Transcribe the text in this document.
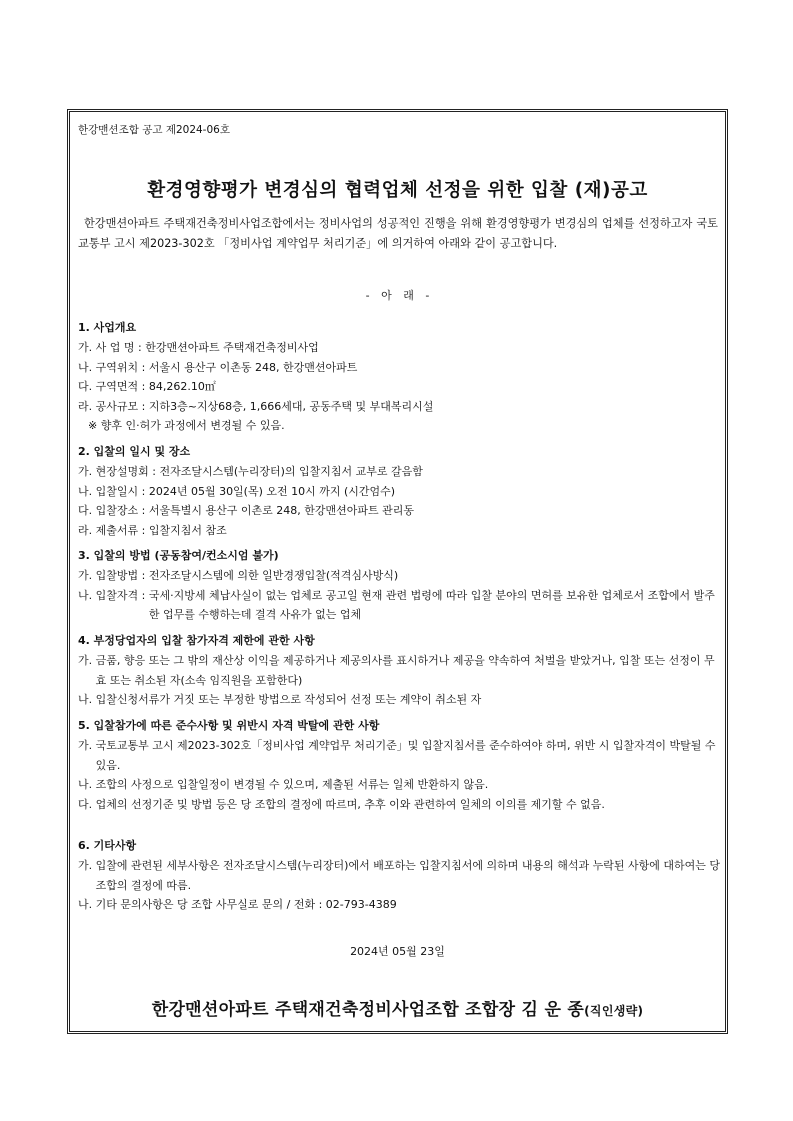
한강맨션조합 공고 제2024-06호
환경영향평가 변경심의 협력업체 선정을 위한 입찰 (재)공고
한강맨션아파트 주택재건축정비사업조합에서는 정비사업의 성공적인 진행을 위해 환경영향평가 변경심의 업체를 선정하고자 국토교통부 고시 제2023-302호 「정비사업 계약업무 처리기준」에 의거하여 아래와 같이 공고합니다.
- 아 래 -
1. 사업개요
가. 사 업 명 : 한강맨션아파트 주택재건축정비사업
나. 구역위치 : 서울시 용산구 이촌동 248, 한강맨션아파트
다. 구역면적 : 84,262.10㎡
라. 공사규모 : 지하3층~지상68층, 1,666세대, 공동주택 및 부대복리시설
※ 향후 인·허가 과정에서 변경될 수 있음.
2. 입찰의 일시 및 장소
가. 현장설명회 : 전자조달시스템(누리장터)의 입찰지침서 교부로 갈음함
나. 입찰일시 : 2024년 05월 30일(목) 오전 10시 까지 (시간엄수)
다. 입찰장소 : 서울특별시 용산구 이촌로 248, 한강맨션아파트 관리동
라. 제출서류 : 입찰지침서 참조
3. 입찰의 방법 (공동참여/컨소시엄 불가)
가. 입찰방법 : 전자조달시스템에 의한 일반경쟁입찰(적격심사방식)
나. 입찰자격 : 국세·지방세 체납사실이 없는 업체로 공고일 현재 관련 법령에 따라 입찰 분야의 면허를 보유한 업체로서 조합에서 발주한 업무를 수행하는데 결격 사유가 없는 업체
4. 부정당업자의 입찰 참가자격 제한에 관한 사항
가. 금품, 향응 또는 그 밖의 재산상 이익을 제공하거나 제공의사를 표시하거나 제공을 약속하여 처벌을 받았거나, 입찰 또는 선정이 무효 또는 취소된 자(소속 임직원을 포함한다)
나. 입찰신청서류가 거짓 또는 부정한 방법으로 작성되어 선정 또는 계약이 취소된 자
5. 입찰참가에 따른 준수사항 및 위반시 자격 박탈에 관한 사항
가. 국토교통부 고시 제2023-302호「정비사업 계약업무 처리기준」및 입찰지침서를 준수하여야 하며, 위반 시 입찰자격이 박탈될 수 있음.
나. 조합의 사정으로 입찰일정이 변경될 수 있으며, 제출된 서류는 일체 반환하지 않음.
다. 업체의 선정기준 및 방법 등은 당 조합의 결정에 따르며, 추후 이와 관련하여 일체의 이의를 제기할 수 없음.
6. 기타사항
가. 입찰에 관련된 세부사항은 전자조달시스템(누리장터)에서 배포하는 입찰지침서에 의하며 내용의 해석과 누락된 사항에 대하여는 당 조합의 결정에 따름.
나. 기타 문의사항은 당 조합 사무실로 문의 / 전화 : 02-793-4389
2024년 05월 23일
한강맨션아파트 주택재건축정비사업조합 조합장 김 운 종(직인생략)
